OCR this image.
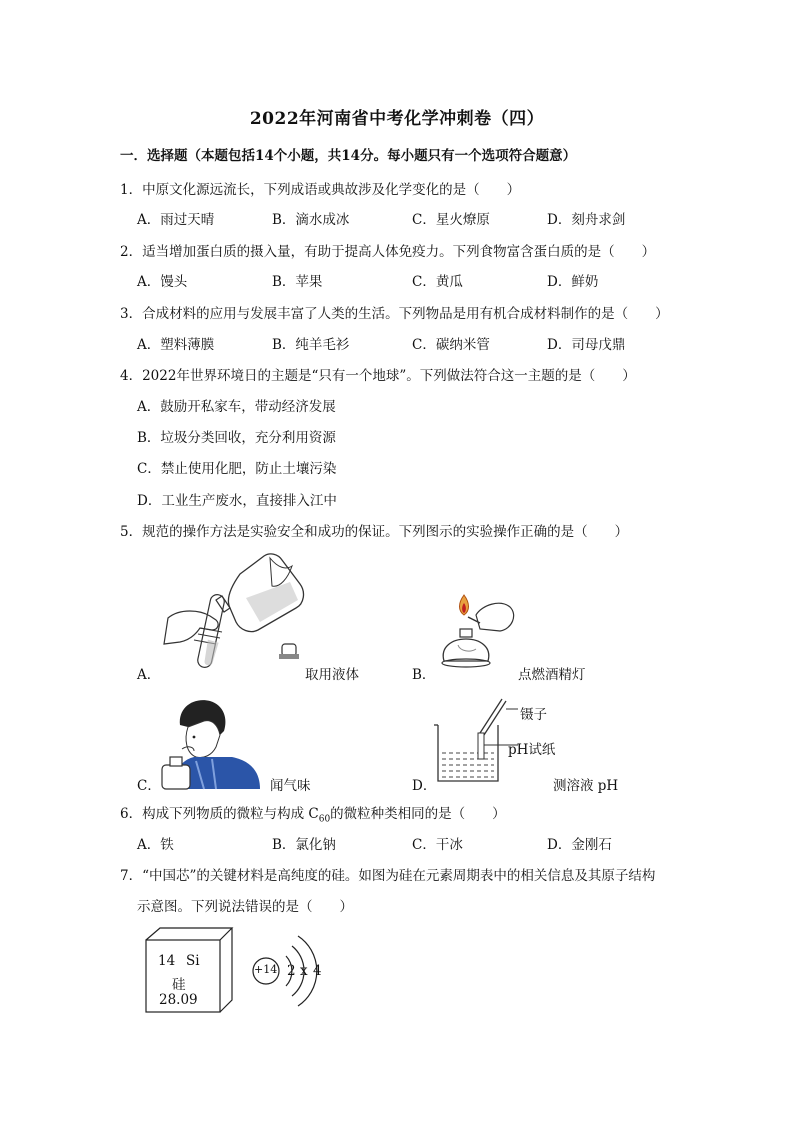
2022年河南省中考化学冲刺卷（四）
一．选择题（本题包括14个小题，共14分。每小题只有一个选项符合题意）
1．中原文化源远流长，下列成语或典故涉及化学变化的是（　　）
A．雨过天晴	B．滴水成冰	C．星火燎原	D．刻舟求剑
2．适当增加蛋白质的摄入量，有助于提高人体免疫力。下列食物富含蛋白质的是（　　）
A．馒头	B．苹果	C．黄瓜	D．鲜奶
3．合成材料的应用与发展丰富了人类的生活。下列物品是用有机合成材料制作的是（　　）
A．塑料薄膜	B．纯羊毛衫	C．碳纳米管	D．司母戊鼎
4．2022年世界环境日的主题是“只有一个地球”。下列做法符合这一主题的是（　　）
A．鼓励开私家车，带动经济发展
B．垃圾分类回收，充分利用资源
C．禁止使用化肥，防止土壤污染
D．工业生产废水，直接排入江中
5．规范的操作方法是实验安全和成功的保证。下列图示的实验操作正确的是（　　）
A．	取用液体	B．	点燃酒精灯
C．	闻气味
镊子
pH试纸
D．	测溶液 pH
6．构成下列物质的微粒与构成 $C_{60}$的微粒种类相同的是（　　）
A．铁	B．氯化钠	C．干冰	D．金刚石
7．“中国芯”的关键材料是高纯度的硅。如图为硅在元素周期表中的相关信息及其原子结构
示意图。下列说法错误的是（　　）
14 Si
硅
28.09
+14 2 x 4
